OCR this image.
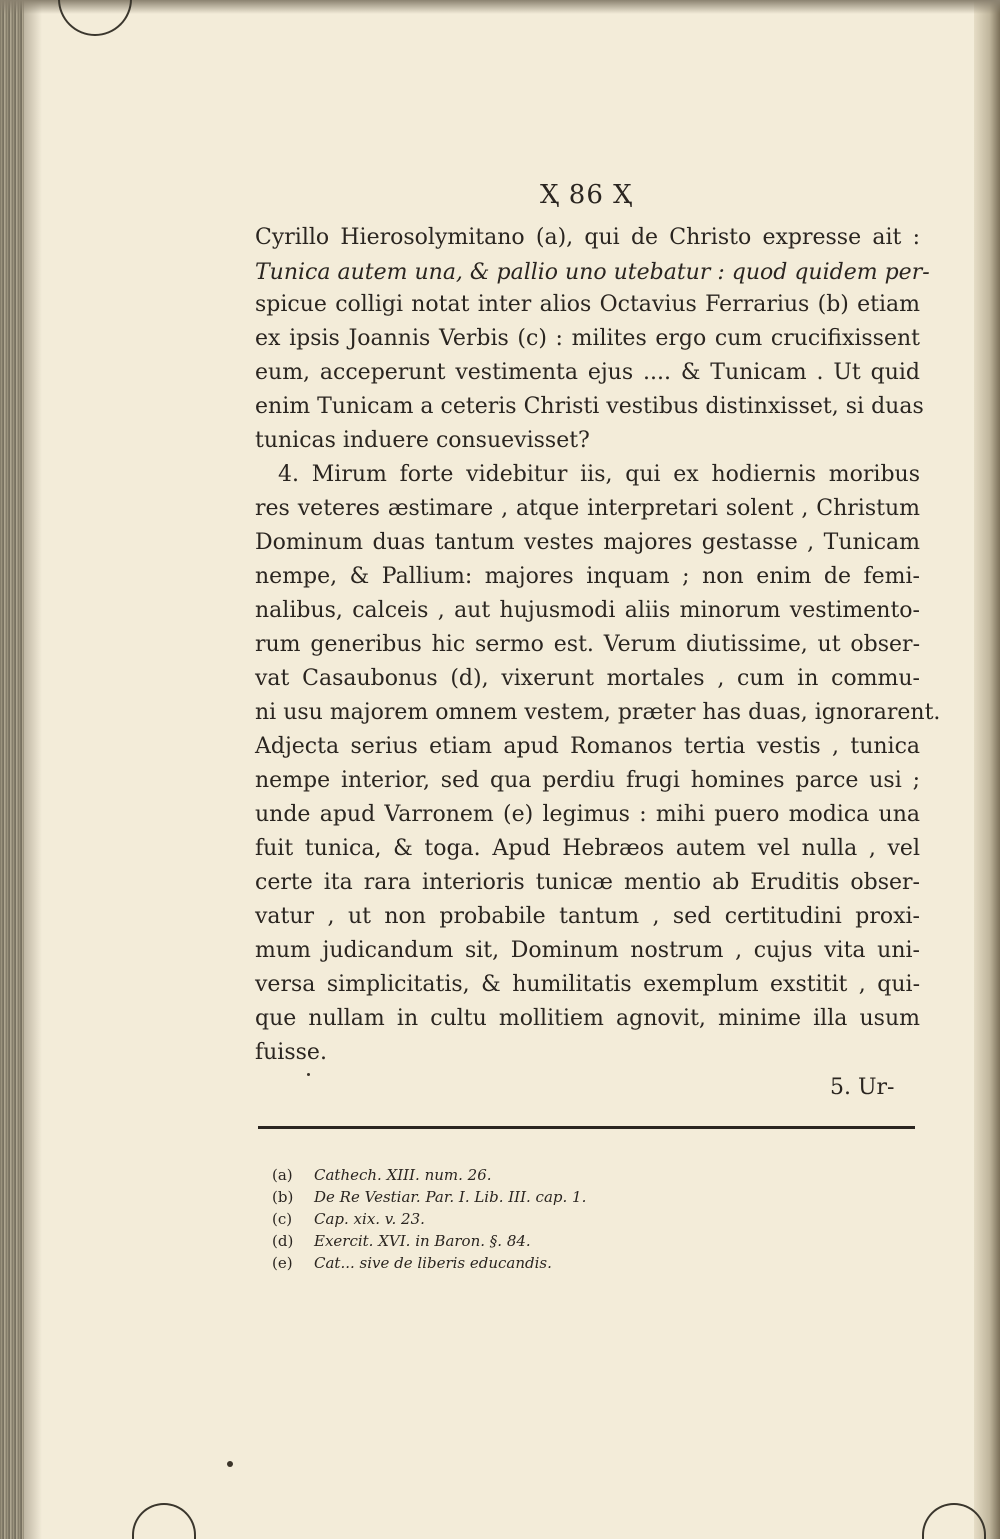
Ҳ 86 Ҳ
Cyrillo Hierosolymitano (a), qui de Christo expresse ait :
Tunica autem una, & pallio uno utebatur : quod quidem per-
spicue colligi notat inter alios Octavius Ferrarius (b) etiam
ex ipsis Joannis Verbis (c) : milites ergo cum crucifixissent
eum, acceperunt vestimenta ejus .... & Tunicam . Ut quid
enim Tunicam a ceteris Christi vestibus distinxisset, si duas
tunicas induere consuevisset?
4. Mirum forte videbitur iis, qui ex hodiernis moribus
res veteres æstimare , atque interpretari solent , Christum
Dominum duas tantum vestes majores gestasse , Tunicam
nempe, & Pallium: majores inquam ; non enim de femi-
nalibus, calceis , aut hujusmodi aliis minorum vestimento-
rum generibus hic sermo est. Verum diutissime, ut obser-
vat Casaubonus (d), vixerunt mortales , cum in commu-
ni usu majorem omnem vestem, præter has duas, ignorarent.
Adjecta serius etiam apud Romanos tertia vestis , tunica
nempe interior, sed qua perdiu frugi homines parce usi ;
unde apud Varronem (e) legimus : mihi puero modica una
fuit tunica, & toga. Apud Hebræos autem vel nulla , vel
certe ita rara interioris tunicæ mentio ab Eruditis obser-
vatur , ut non probabile tantum , sed certitudini proxi-
mum judicandum sit, Dominum nostrum , cujus vita uni-
versa simplicitatis, & humilitatis exemplum exstitit , qui-
que nullam in cultu mollitiem agnovit, minime illa usum
fuisse.
5. Ur-
(a) Cathech. XIII. num. 26.
(b) De Re Vestiar. Par. I. Lib. III. cap. 1.
(c) Cap. xix. v. 23.
(d) Exercit. XVI. in Baron. §. 84.
(e) Cat... sive de liberis educandis.
